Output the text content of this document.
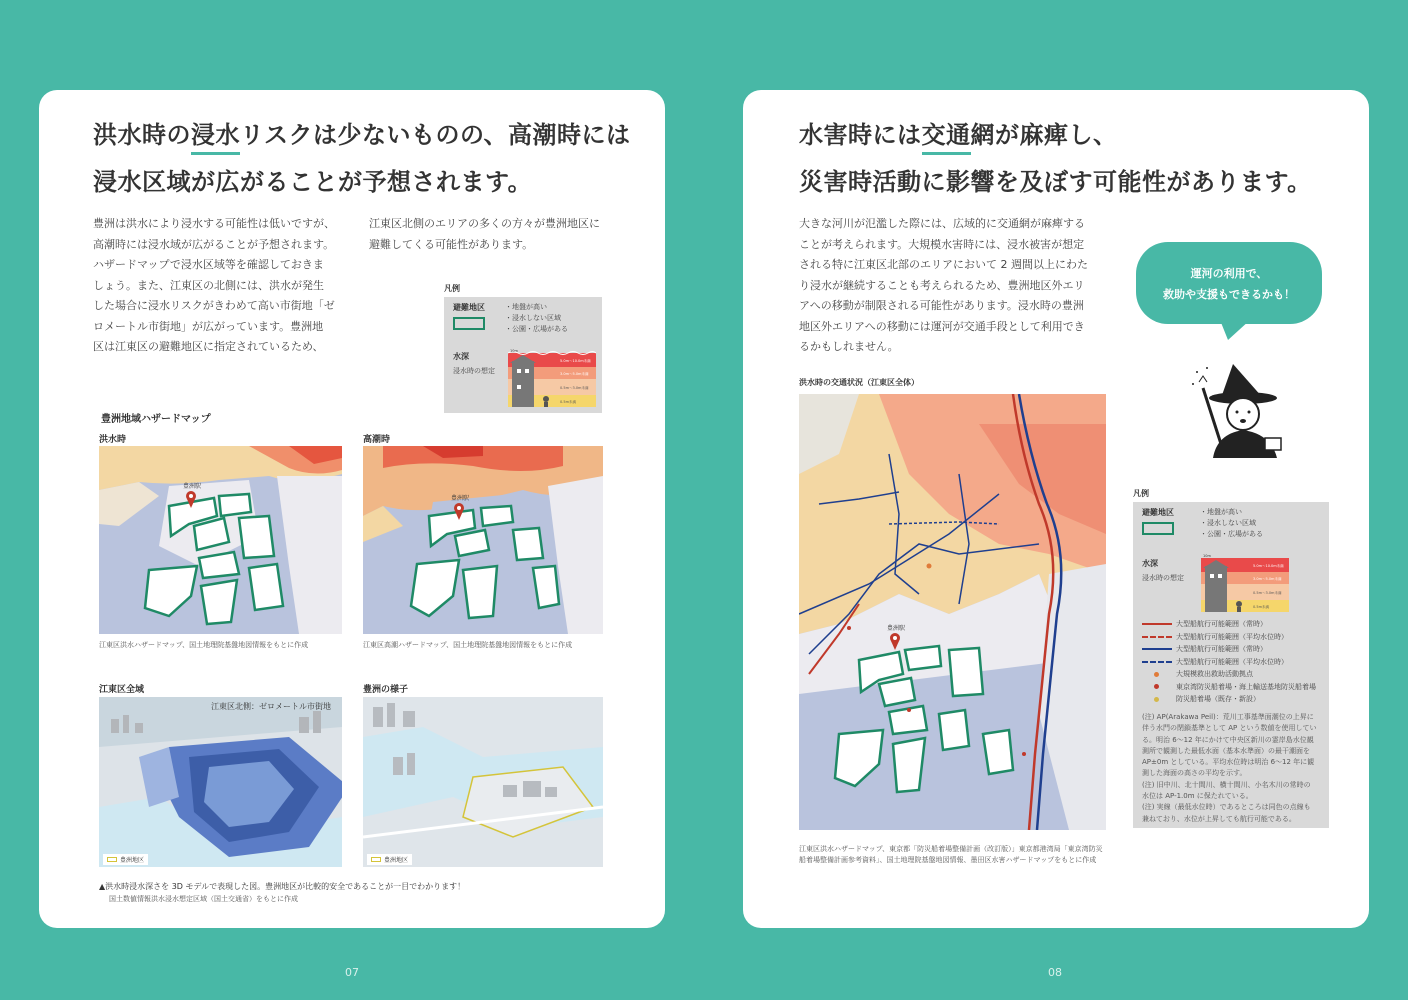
洪水時の浸水リスクは少ないものの、高潮時には
浸水区域が広がることが予想されます。
豊洲は洪水により浸水する可能性は低いですが、
高潮時には浸水域が広がることが予想されます。
ハザードマップで浸水区域等を確認しておきま
しょう。また、江東区の北側には、洪水が発生
した場合に浸水リスクがきわめて高い市街地「ゼ
ロメートル市街地」が広がっています。豊洲地
区は江東区の避難地区に指定されているため、
江東区北側のエリアの多くの方々が豊洲地区に
避難してくる可能性があります。
凡例
避難地区	・地盤が高い
・浸水しない区域
・公園・広場がある
水深
浸水時の想定
10m
5.0m〜10.0m未満
3.0m〜5.0m未満
0.5m〜3.0m未満
0.5m未満
豊洲地域ハザードマップ
洪水時	高潮時
豊洲駅
江東区洪水ハザードマップ、国土地理院基盤地図情報をもとに作成
豊洲駅
江東区高潮ハザードマップ、国土地理院基盤地図情報をもとに作成
江東区全域	豊洲の様子
江東区北側：ゼロメートル市街地
豊洲地区	豊洲地区
▲洪水時浸水深さを 3D モデルで表現した図。豊洲地区が比較的安全であることが一目でわかります！
国土数値情報洪水浸水想定区域（国土交通省）をもとに作成
07
水害時には交通網が麻痺し、
災害時活動に影響を及ぼす可能性があります。
大きな河川が氾濫した際には、広域的に交通網が麻痺する
ことが考えられます。大規模水害時には、浸水被害が想定
される特に江東区北部のエリアにおいて 2 週間以上にわた
り浸水が継続することも考えられるため、豊洲地区外エリ
アへの移動が制限される可能性があります。浸水時の豊洲
地区外エリアへの移動には運河が交通手段として利用でき
るかもしれません。
運河の利用で、
救助や支援もできるかも！
洪水時の交通状況（江東区全体）
豊洲駅
江東区洪水ハザードマップ、東京都「防災船着場整備計画（改訂版）」東京都港湾局「東京湾防災
船着場整備計画参考資料」、国土地理院基盤地図情報、墨田区水害ハザードマップをもとに作成
凡例
避難地区	・地盤が高い
・浸水しない区域
・公園・広場がある
水深
浸水時の想定
10m
5.0m〜10.0m未満
3.0m〜5.0m未満
0.5m〜3.0m未満
0.5m未満
大型船航行可能範囲（常時）
大型船航行可能範囲（平均水位時）
大型船航行可能範囲（常時）
大型船航行可能範囲（平均水位時）
大規模救出救助活動拠点
東京湾防災船着場・海上輸送基地防災船着場
防災船着場（既存・新設）
(注) AP(Arakawa Peil)：荒川工事基準面潮位の上昇に
伴う水門の閉鎖基準として AP という数値を使用してい
る。明治 6〜12 年にかけて中央区新川の霊岸島水位観
測所で観測した最低水面（基本水準面）の最干潮面を
AP±0m としている。平均水位時は明治 6〜12 年に観
測した海面の高さの平均を示す。
(注) 旧中川、北十間川、横十間川、小名木川の常時の
水位は AP-1.0m に保たれている。
(注) 実線（最低水位時）であるところは同色の点線も
兼ねており、水位が上昇しても航行可能である。
08
